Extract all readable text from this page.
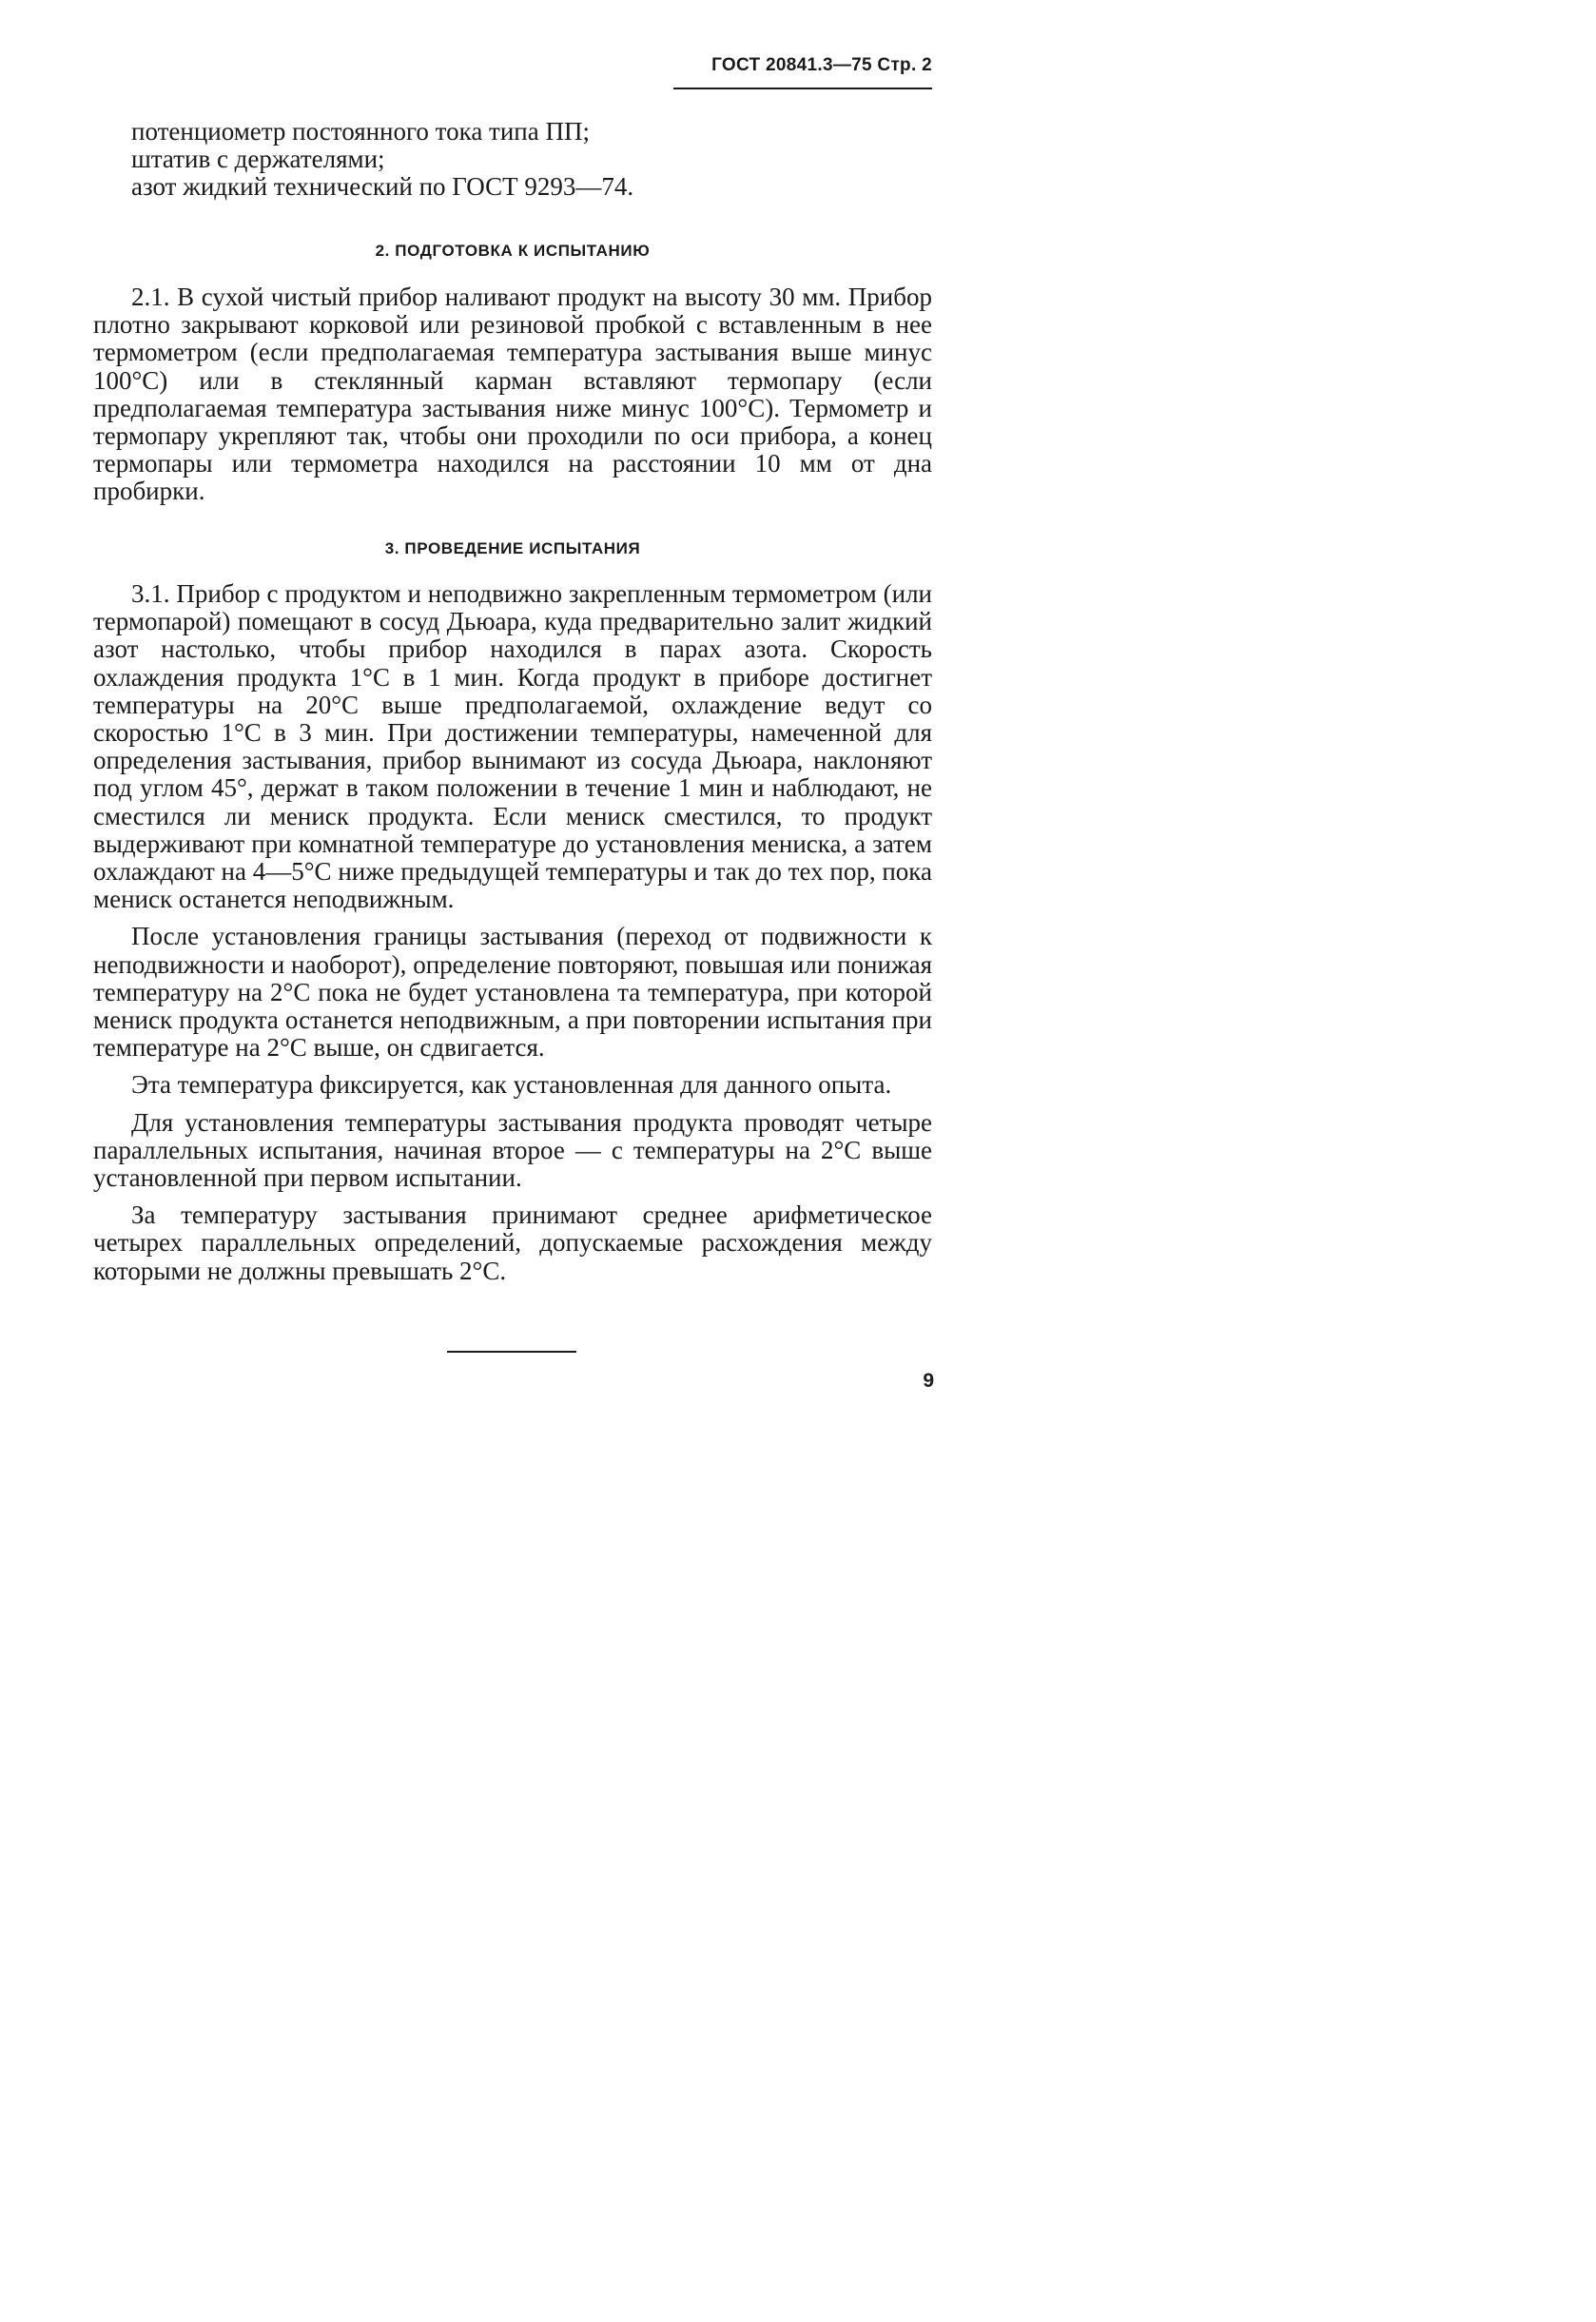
ГОСТ 20841.3—75 Стр. 2
потенциометр постоянного тока типа ПП;
штатив с держателями;
азот жидкий технический по ГОСТ 9293—74.
2. ПОДГОТОВКА К ИСПЫТАНИЮ

2.1. В сухой чистый прибор наливают продукт на высоту 30 мм. Прибор плотно закрывают корковой или резиновой пробкой с вставленным в нее термометром (если предполагаемая температура застывания выше минус 100°С) или в стеклянный карман вставляют термопару (если предполагаемая температура застывания ниже минус 100°С). Термометр и термопару укрепляют так, чтобы они проходили по оси прибора, а конец термопары или термометра находился на расстоянии 10 мм от дна пробирки.

3. ПРОВЕДЕНИЕ ИСПЫТАНИЯ

3.1. Прибор с продуктом и неподвижно закрепленным термометром (или термопарой) помещают в сосуд Дьюара, куда предварительно залит жидкий азот настолько, чтобы прибор находился в парах азота. Скорость охлаждения продукта 1°С в 1 мин. Когда продукт в приборе достигнет температуры на 20°С выше предполагаемой, охлаждение ведут со скоростью 1°С в 3 мин. При достижении температуры, намеченной для определения застывания, прибор вынимают из сосуда Дьюара, наклоняют под углом 45°, держат в таком положении в течение 1 мин и наблюдают, не сместился ли мениск продукта. Если мениск сместился, то продукт выдерживают при комнатной температуре до установления мениска, а затем охлаждают на 4—5°С ниже предыдущей температуры и так до тех пор, пока мениск останется неподвижным.

После установления границы застывания (переход от подвижности к неподвижности и наоборот), определение повторяют, повышая или понижая температуру на 2°С пока не будет установлена та температура, при которой мениск продукта останется неподвижным, а при повторении испытания при температуре на 2°С выше, он сдвигается.

Эта температура фиксируется, как установленная для данного опыта.

Для установления температуры застывания продукта проводят четыре параллельных испытания, начиная второе — с температуры на 2°С выше установленной при первом испытании.

За температуру застывания принимают среднее арифметическое четырех параллельных определений, допускаемые расхождения между которыми не должны превышать 2°С.

9
